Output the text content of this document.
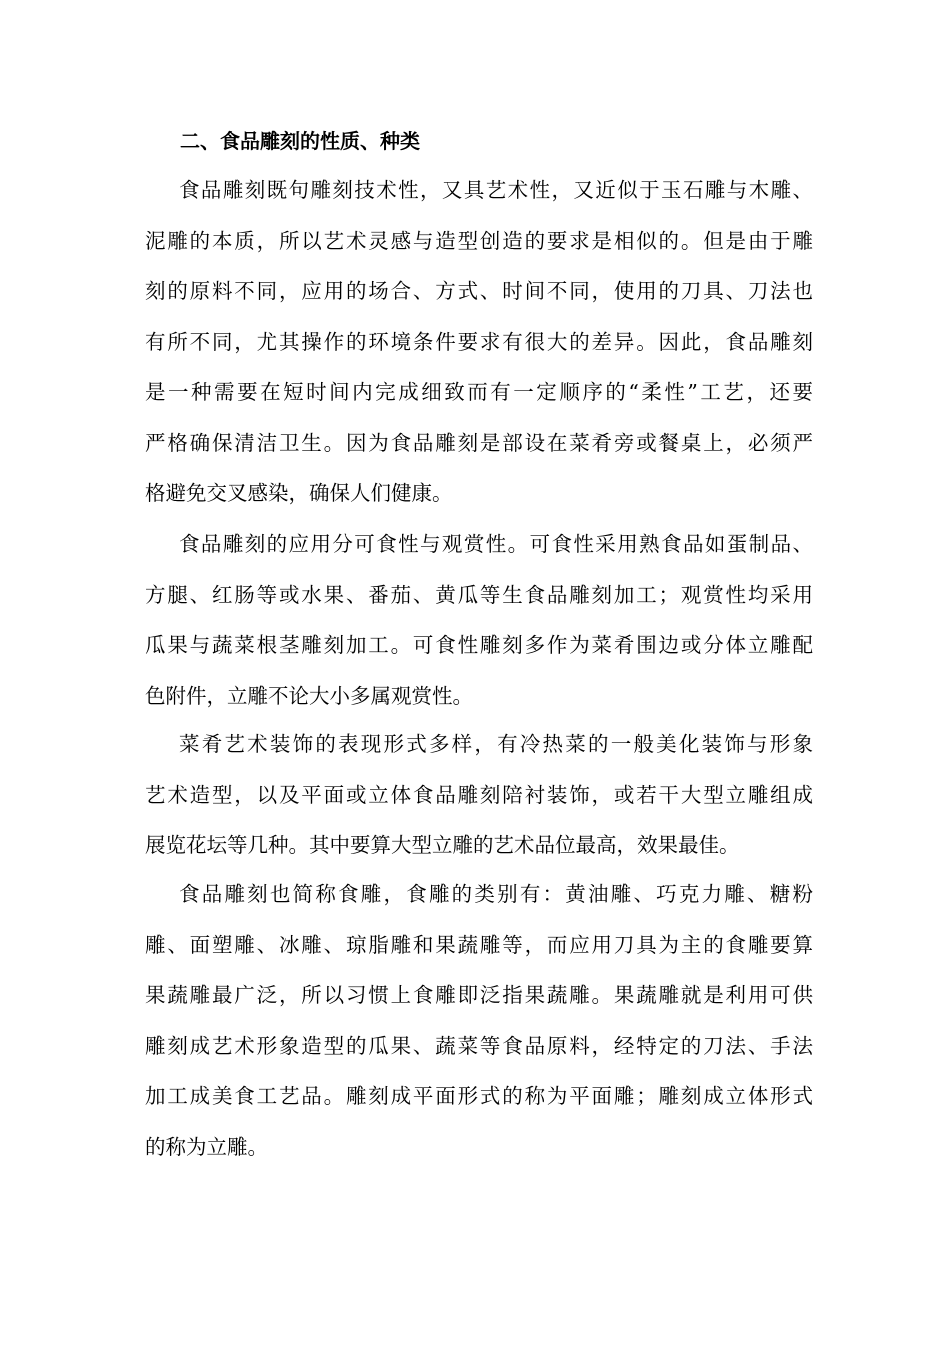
二、食品雕刻的性质、种类
食品雕刻既句雕刻技术性，又具艺术性，又近似于玉石雕与木雕、
泥雕的本质，所以艺术灵感与造型创造的要求是相似的。但是由于雕
刻的原料不同，应用的场合、方式、时间不同，使用的刀具、刀法也
有所不同，尤其操作的环境条件要求有很大的差异。因此，食品雕刻
是一种需要在短时间内完成细致而有一定顺序的“柔性”工艺，还要
严格确保清洁卫生。因为食品雕刻是部设在菜肴旁或餐桌上，必须严
格避免交叉感染，确保人们健康。
食品雕刻的应用分可食性与观赏性。可食性采用熟食品如蛋制品、
方腿、红肠等或水果、番茄、黄瓜等生食品雕刻加工；观赏性均采用
瓜果与蔬菜根茎雕刻加工。可食性雕刻多作为菜肴围边或分体立雕配
色附件，立雕不论大小多属观赏性。
菜肴艺术装饰的表现形式多样，有冷热菜的一般美化装饰与形象
艺术造型，以及平面或立体食品雕刻陪衬装饰，或若干大型立雕组成
展览花坛等几种。其中要算大型立雕的艺术品位最高，效果最佳。
食品雕刻也简称食雕，食雕的类别有：黄油雕、巧克力雕、糖粉
雕、面塑雕、冰雕、琼脂雕和果蔬雕等，而应用刀具为主的食雕要算
果蔬雕最广泛，所以习惯上食雕即泛指果蔬雕。果蔬雕就是利用可供
雕刻成艺术形象造型的瓜果、蔬菜等食品原料，经特定的刀法、手法
加工成美食工艺品。雕刻成平面形式的称为平面雕；雕刻成立体形式
的称为立雕。
